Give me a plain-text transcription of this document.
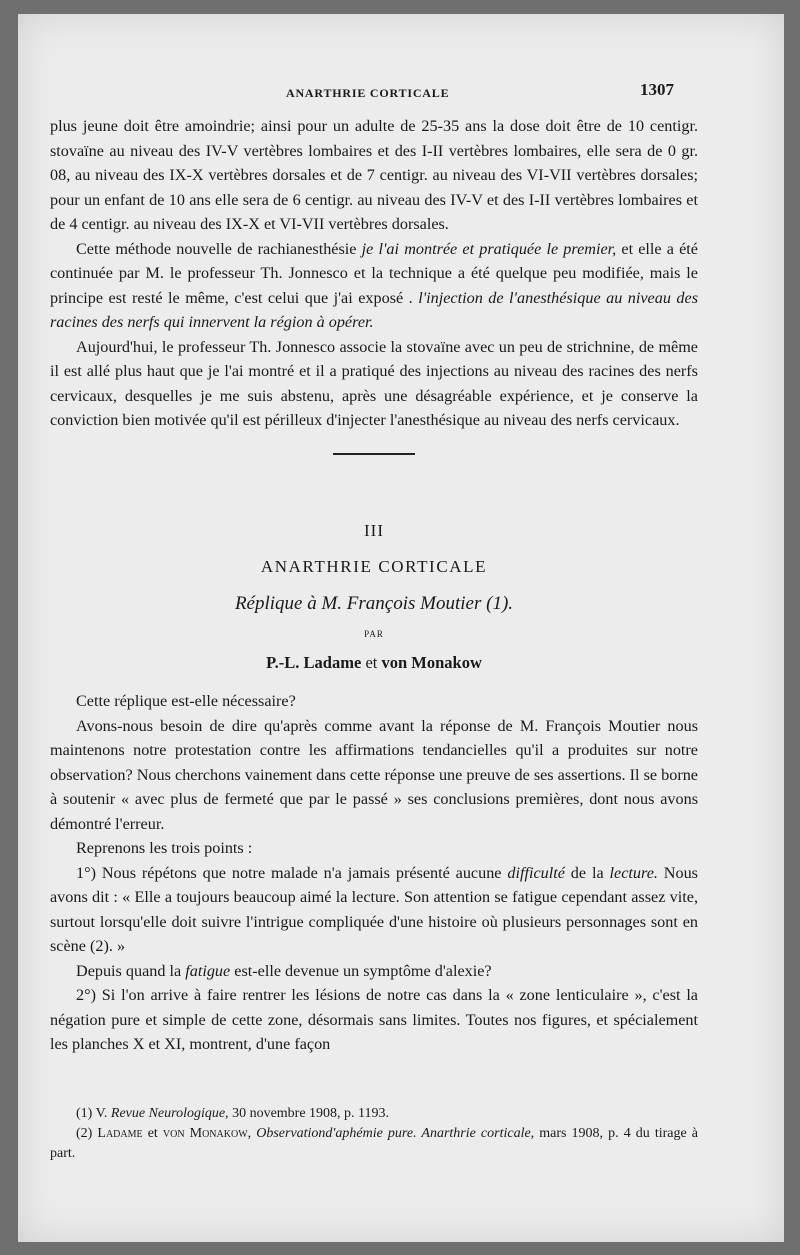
ANARTHRIE CORTICALE	1307

plus jeune doit être amoindrie; ainsi pour un adulte de 25-35 ans la dose doit être de 10 centigr. stovaïne au niveau des IV-V vertèbres lombaires et des I-II vertèbres lombaires, elle sera de 0 gr. 08, au niveau des IX-X vertèbres dorsales et de 7 centigr. au niveau des VI-VII vertèbres dorsales; pour un enfant de 10 ans elle sera de 6 centigr. au niveau des IV-V et des I-II vertèbres lombaires et de 4 centigr. au niveau des IX-X et VI-VII vertèbres dorsales.

Cette méthode nouvelle de rachianesthésie je l'ai montrée et pratiquée le premier, et elle a été continuée par M. le professeur Th. Jonnesco et la technique a été quelque peu modifiée, mais le principe est resté le même, c'est celui que j'ai exposé . l'injection de l'anesthésique au niveau des racines des nerfs qui innervent la région à opérer.

Aujourd'hui, le professeur Th. Jonnesco associe la stovaïne avec un peu de strichnine, de même il est allé plus haut que je l'ai montré et il a pratiqué des injections au niveau des racines des nerfs cervicaux, desquelles je me suis abstenu, après une désagréable expérience, et je conserve la conviction bien motivée qu'il est périlleux d'injecter l'anesthésique au niveau des nerfs cervicaux.

III
ANARTHRIE CORTICALE
Réplique à M. François Moutier (1).
PAR
P.-L. Ladame et von Monakow

Cette réplique est-elle nécessaire?

Avons-nous besoin de dire qu'après comme avant la réponse de M. François Moutier nous maintenons notre protestation contre les affirmations tendancielles qu'il a produites sur notre observation? Nous cherchons vainement dans cette réponse une preuve de ses assertions. Il se borne à soutenir « avec plus de fermeté que par le passé » ses conclusions premières, dont nous avons démontré l'erreur.

Reprenons les trois points :

1°) Nous répétons que notre malade n'a jamais présenté aucune difficulté de la lecture. Nous avons dit : « Elle a toujours beaucoup aimé la lecture. Son attention se fatigue cependant assez vite, surtout lorsqu'elle doit suivre l'intrigue compliquée d'une histoire où plusieurs personnages sont en scène (2). »

Depuis quand la fatigue est-elle devenue un symptôme d'alexie?

2°) Si l'on arrive à faire rentrer les lésions de notre cas dans la « zone lenticulaire », c'est la négation pure et simple de cette zone, désormais sans limites. Toutes nos figures, et spécialement les planches X et XI, montrent, d'une façon

(1) V. Revue Neurologique, 30 novembre 1908, p. 1193.

(2) Ladame et von Monakow, Observationd'aphémie pure. Anarthrie corticale, mars 1908, p. 4 du tirage à part.
